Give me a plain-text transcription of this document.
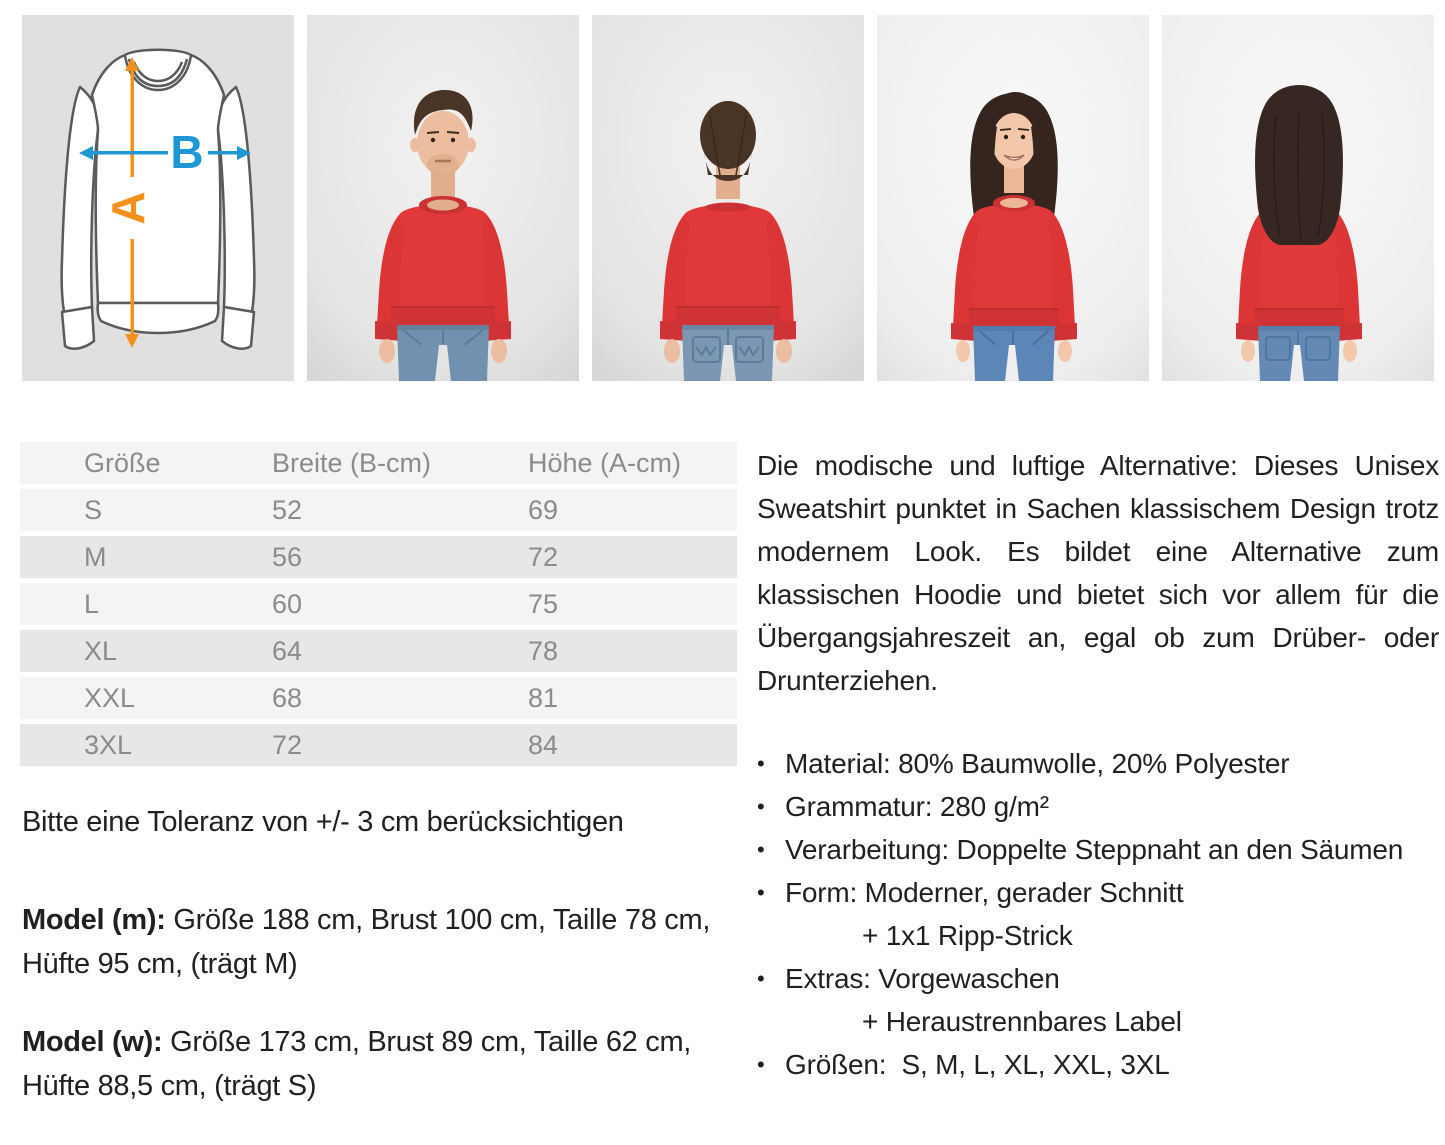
A
B
Größe	Breite (B-cm)	Höhe (A-cm)
S	52	69
M	56	72
L	60	75
XL	64	78
XXL	68	81
3XL	72	84

Bitte eine Toleranz von +/- 3 cm berücksichtigen

Model (m): Größe 188 cm, Brust 100 cm, Taille 78 cm, Hüfte 95 cm, (trägt M)

Model (w): Größe 173 cm, Brust 89 cm, Taille 62 cm, Hüfte 88,5 cm, (trägt S)

Die modische und luftige Alternative: Dieses Unisex Sweatshirt punktet in Sachen klassischem Design trotz modernem Look. Es bildet eine Alternative zum klassischen Hoodie und bietet sich vor allem für die Übergangsjahreszeit an, egal ob zum Drüber- oder Drunterziehen.

• Material: 80% Baumwolle, 20% Polyester
• Grammatur: 280 g/m²
• Verarbeitung: Doppelte Steppnaht an den Säumen
• Form: Moderner, gerader Schnitt
+ 1x1 Ripp-Strick
• Extras: Vorgewaschen
+ Heraustrennbares Label
• Größen:  S, M, L, XL, XXL, 3XL
